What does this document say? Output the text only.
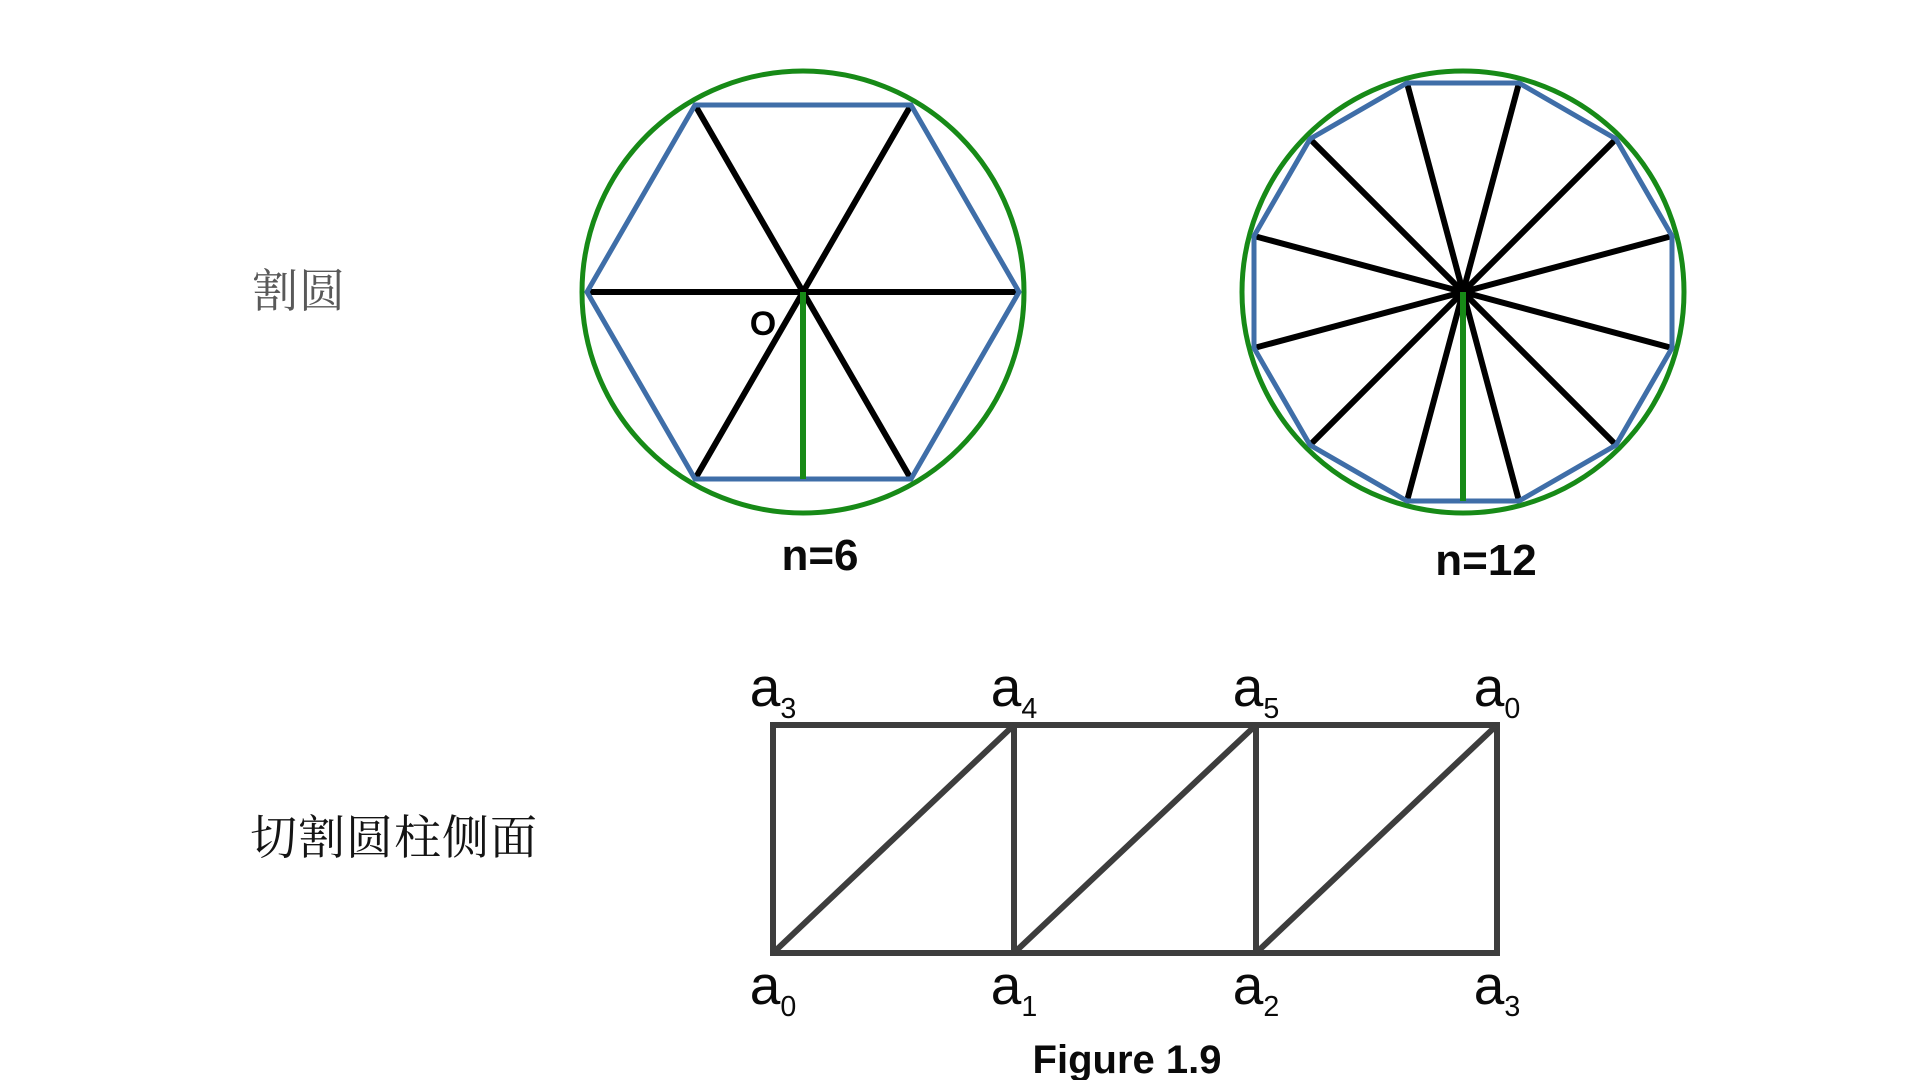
割圆
O
n=6	n=12
切割圆柱侧面
$a_3$	$a_4$	$a_5$	$a_0$
$a_0$	$a_1$	$a_2$	$a_3$
Figure 1.9
